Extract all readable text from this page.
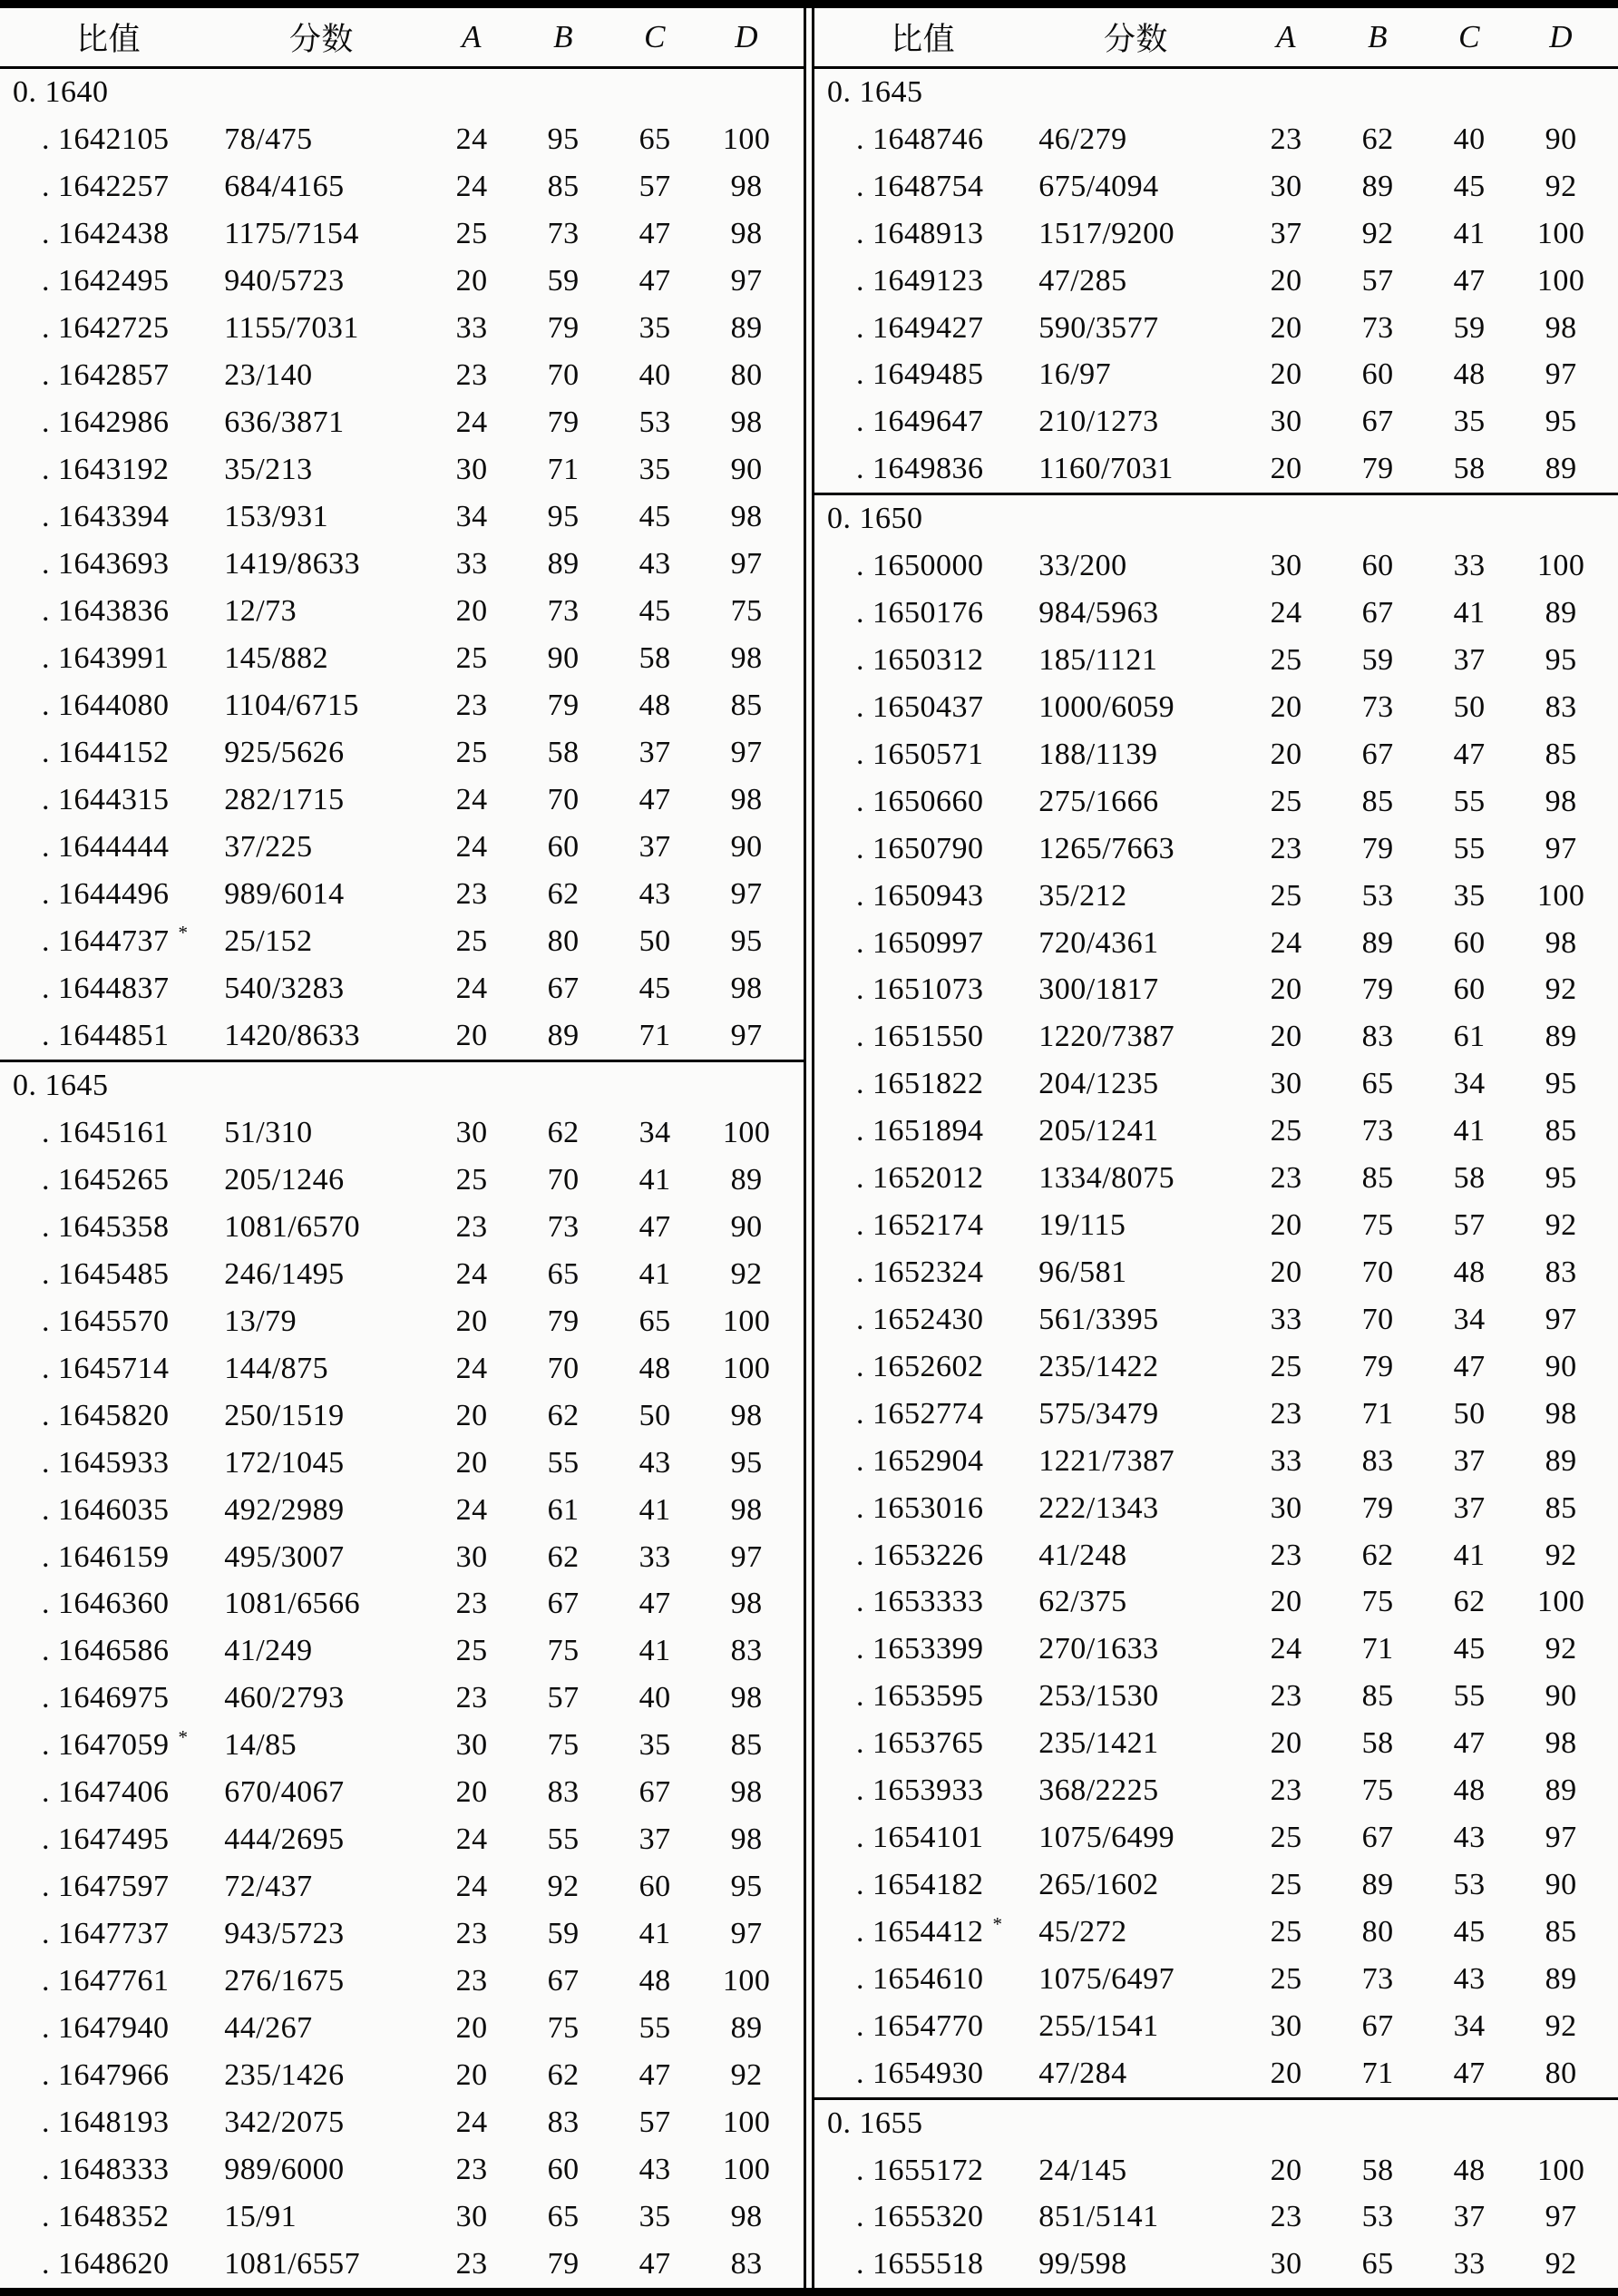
比值	分数	A	B	C	D
0. 1640
. 1642105	78/475	24	95	65	100
. 1642257	684/4165	24	85	57	98
. 1642438	1175/7154	25	73	47	98
. 1642495	940/5723	20	59	47	97
. 1642725	1155/7031	33	79	35	89
. 1642857	23/140	23	70	40	80
. 1642986	636/3871	24	79	53	98
. 1643192	35/213	30	71	35	90
. 1643394	153/931	34	95	45	98
. 1643693	1419/8633	33	89	43	97
. 1643836	12/73	20	73	45	75
. 1643991	145/882	25	90	58	98
. 1644080	1104/6715	23	79	48	85
. 1644152	925/5626	25	58	37	97
. 1644315	282/1715	24	70	47	98
. 1644444	37/225	24	60	37	90
. 1644496	989/6014	23	62	43	97
. 1644737 *	25/152	25	80	50	95
. 1644837	540/3283	24	67	45	98
. 1644851	1420/8633	20	89	71	97
0. 1645
. 1645161	51/310	30	62	34	100
. 1645265	205/1246	25	70	41	89
. 1645358	1081/6570	23	73	47	90
. 1645485	246/1495	24	65	41	92
. 1645570	13/79	20	79	65	100
. 1645714	144/875	24	70	48	100
. 1645820	250/1519	20	62	50	98
. 1645933	172/1045	20	55	43	95
. 1646035	492/2989	24	61	41	98
. 1646159	495/3007	30	62	33	97
. 1646360	1081/6566	23	67	47	98
. 1646586	41/249	25	75	41	83
. 1646975	460/2793	23	57	40	98
. 1647059 *	14/85	30	75	35	85
. 1647406	670/4067	20	83	67	98
. 1647495	444/2695	24	55	37	98
. 1647597	72/437	24	92	60	95
. 1647737	943/5723	23	59	41	97
. 1647761	276/1675	23	67	48	100
. 1647940	44/267	20	75	55	89
. 1647966	235/1426	20	62	47	92
. 1648193	342/2075	24	83	57	100
. 1648333	989/6000	23	60	43	100
. 1648352	15/91	30	65	35	98
. 1648620	1081/6557	23	79	47	83
比值	分数	A	B	C	D
0. 1645
. 1648746	46/279	23	62	40	90
. 1648754	675/4094	30	89	45	92
. 1648913	1517/9200	37	92	41	100
. 1649123	47/285	20	57	47	100
. 1649427	590/3577	20	73	59	98
. 1649485	16/97	20	60	48	97
. 1649647	210/1273	30	67	35	95
. 1649836	1160/7031	20	79	58	89
0. 1650
. 1650000	33/200	30	60	33	100
. 1650176	984/5963	24	67	41	89
. 1650312	185/1121	25	59	37	95
. 1650437	1000/6059	20	73	50	83
. 1650571	188/1139	20	67	47	85
. 1650660	275/1666	25	85	55	98
. 1650790	1265/7663	23	79	55	97
. 1650943	35/212	25	53	35	100
. 1650997	720/4361	24	89	60	98
. 1651073	300/1817	20	79	60	92
. 1651550	1220/7387	20	83	61	89
. 1651822	204/1235	30	65	34	95
. 1651894	205/1241	25	73	41	85
. 1652012	1334/8075	23	85	58	95
. 1652174	19/115	20	75	57	92
. 1652324	96/581	20	70	48	83
. 1652430	561/3395	33	70	34	97
. 1652602	235/1422	25	79	47	90
. 1652774	575/3479	23	71	50	98
. 1652904	1221/7387	33	83	37	89
. 1653016	222/1343	30	79	37	85
. 1653226	41/248	23	62	41	92
. 1653333	62/375	20	75	62	100
. 1653399	270/1633	24	71	45	92
. 1653595	253/1530	23	85	55	90
. 1653765	235/1421	20	58	47	98
. 1653933	368/2225	23	75	48	89
. 1654101	1075/6499	25	67	43	97
. 1654182	265/1602	25	89	53	90
. 1654412 *	45/272	25	80	45	85
. 1654610	1075/6497	25	73	43	89
. 1654770	255/1541	30	67	34	92
. 1654930	47/284	20	71	47	80
0. 1655
. 1655172	24/145	20	58	48	100
. 1655320	851/5141	23	53	37	97
. 1655518	99/598	30	65	33	92
